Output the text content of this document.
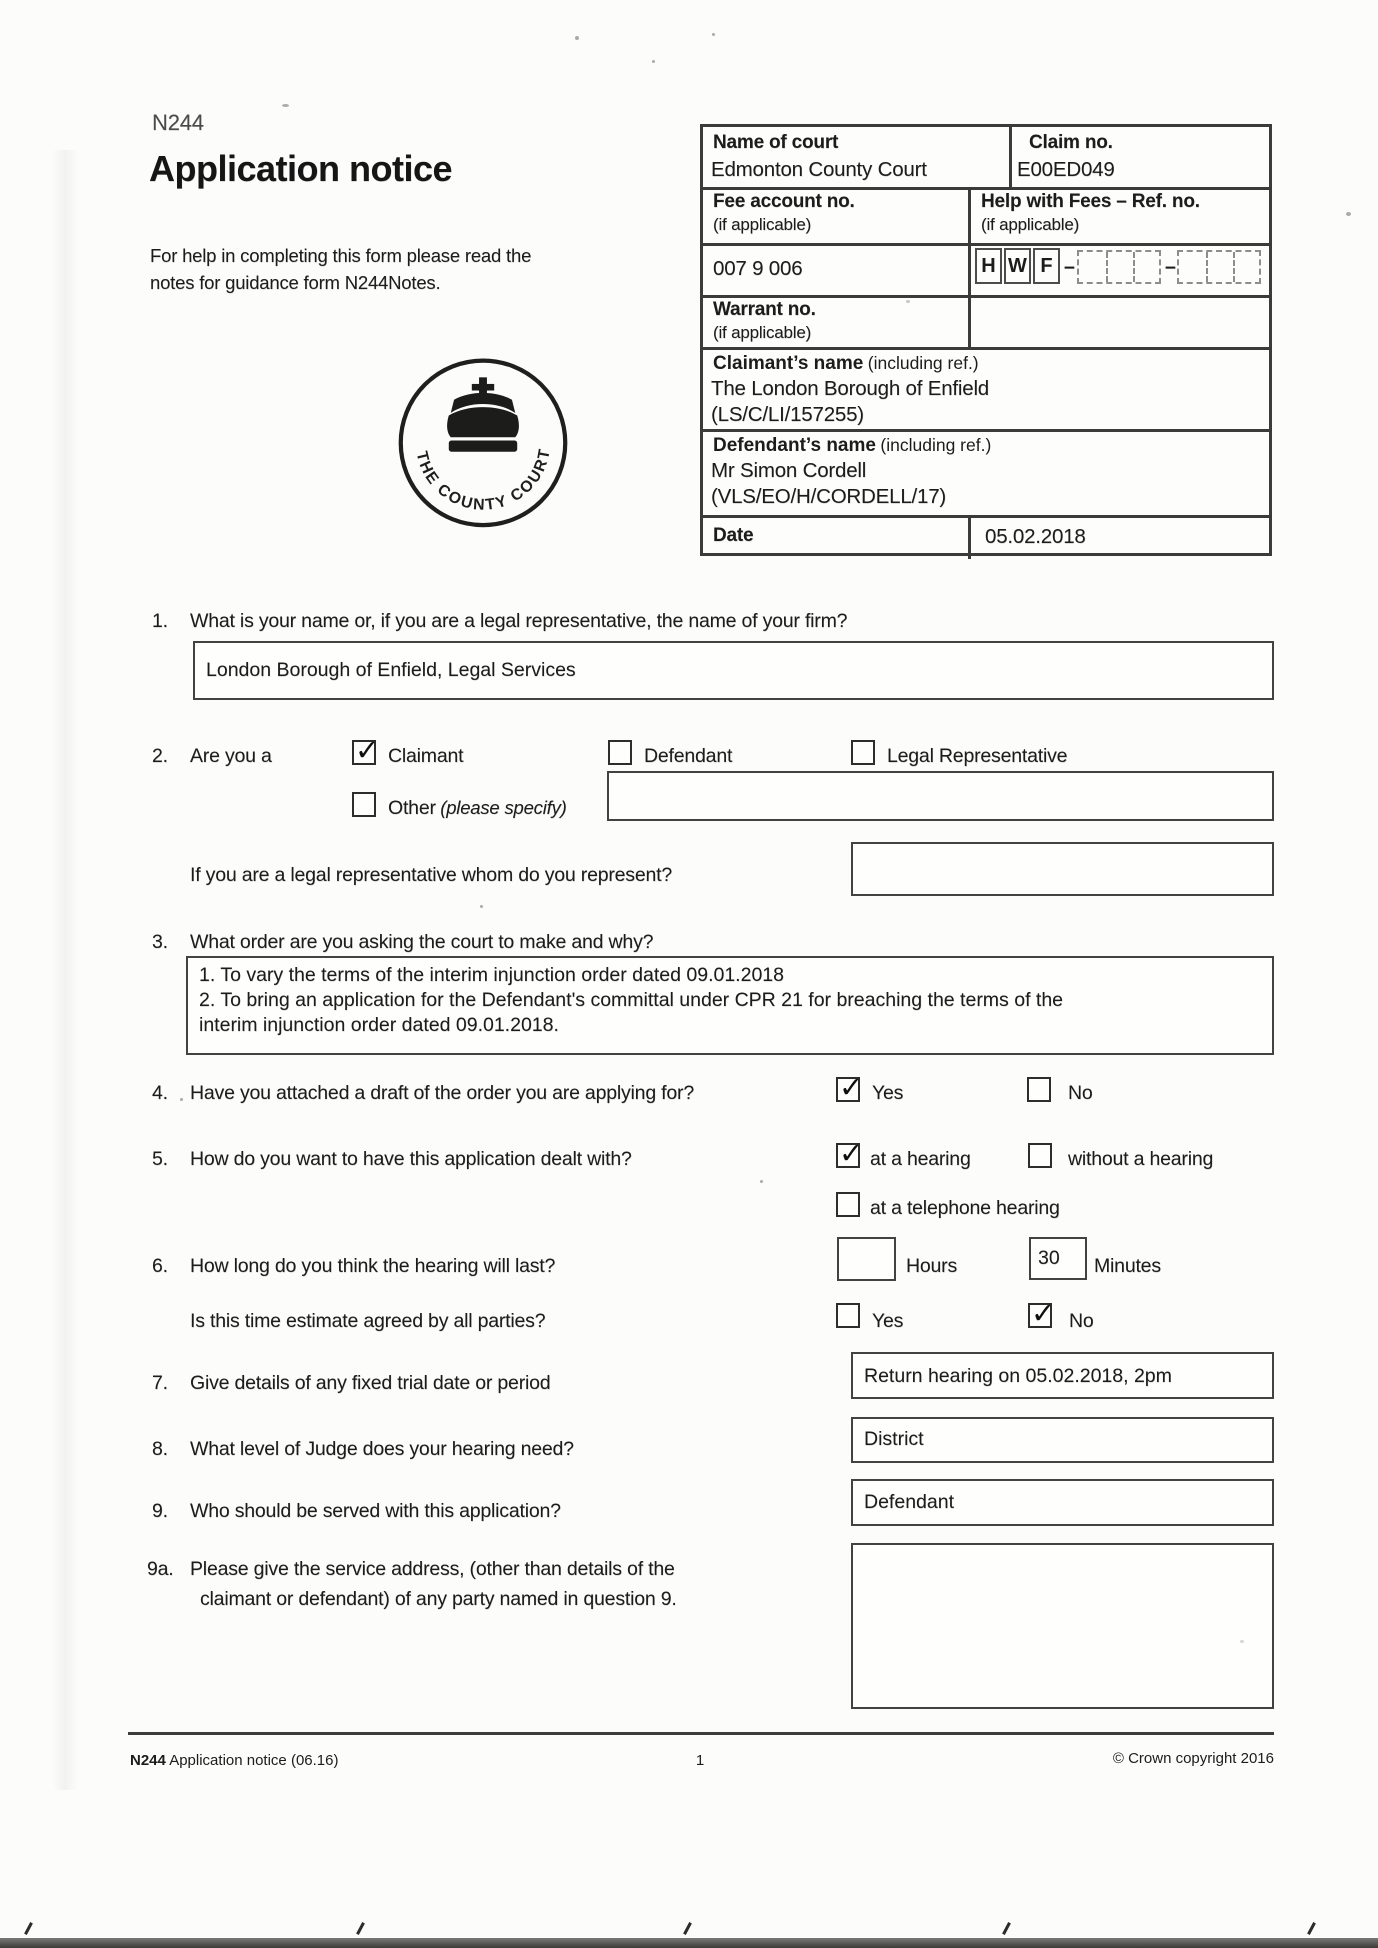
N244
Application notice
For help in completing this form please read the notes for guidance form N244Notes.
THE COUNTY COURT
Name of court
Edmonton County Court
Claim no.
E00ED049
Fee account no.
(if applicable)
007 9 006
Help with Fees – Ref. no.
(if applicable)
H W F –	–
Warrant no.
(if applicable)
Claimant’s name (including ref.)
The London Borough of Enfield
(LS/C/LI/157255)
Defendant’s name (including ref.)
Mr Simon Cordell
(VLS/EO/H/CORDELL/17)
Date	05.02.2018
1. What is your name or, if you are a legal representative, the name of your firm?
London Borough of Enfield, Legal Services
2. Are you a	✓ Claimant	Defendant	Legal Representative
Other (please specify)
If you are a legal representative whom do you represent?
3. What order are you asking the court to make and why?
1. To vary the terms of the interim injunction order dated 09.01.2018
2. To bring an application for the Defendant's committal under CPR 21 for breaching the terms of the
interim injunction order dated 09.01.2018.
4. Have you attached a draft of the order you are applying for?	✓ Yes	No
5. How do you want to have this application dealt with?	✓ at a hearing	without a hearing
at a telephone hearing
6. How long do you think the hearing will last?	Hours	30 Minutes
Is this time estimate agreed by all parties?	Yes	✓ No
7. Give details of any fixed trial date or period	Return hearing on 05.02.2018, 2pm
8. What level of Judge does your hearing need?	District
9. Who should be served with this application?	Defendant
9a. Please give the service address, (other than details of the
claimant or defendant) of any party named in question 9.
N244 Application notice (06.16)	1	© Crown copyright 2016
